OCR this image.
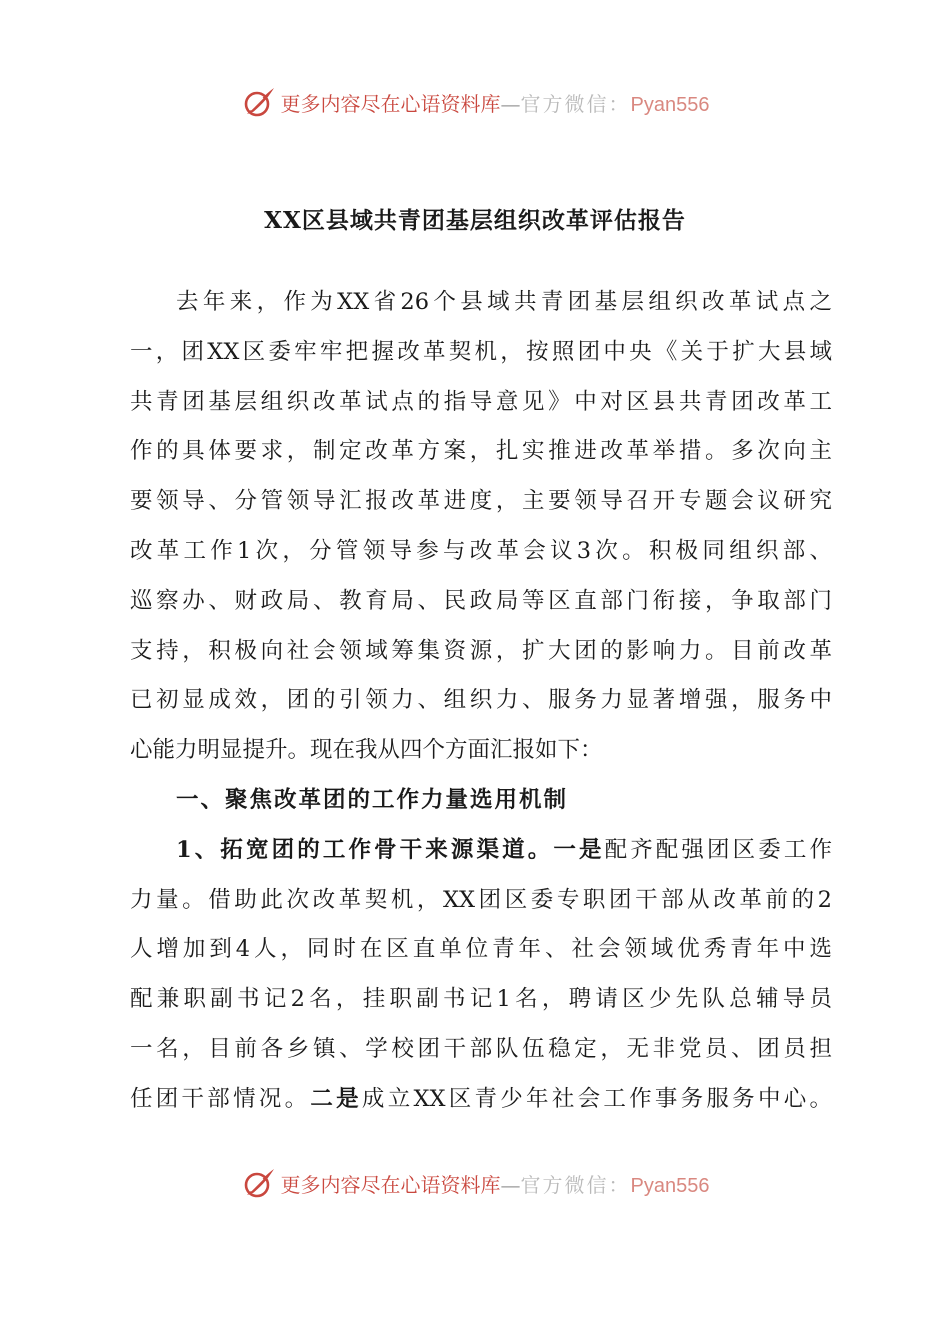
更多内容尽在心语资料库—官方微信：Pyan556
XX区县域共青团基层组织改革评估报告
去年来，作为XX省26个县域共青团基层组织改革试点之
一，团XX区委牢牢把握改革契机，按照团中央《关于扩大县域
共青团基层组织改革试点的指导意见》中对区县共青团改革工
作的具体要求，制定改革方案，扎实推进改革举措。多次向主
要领导、分管领导汇报改革进度，主要领导召开专题会议研究
改革工作1次，分管领导参与改革会议3次。积极同组织部、
巡察办、财政局、教育局、民政局等区直部门衔接，争取部门
支持，积极向社会领域筹集资源，扩大团的影响力。目前改革
已初显成效，团的引领力、组织力、服务力显著增强，服务中
心能力明显提升。现在我从四个方面汇报如下：
一、聚焦改革团的工作力量选用机制
1、拓宽团的工作骨干来源渠道。一是配齐配强团区委工作
力量。借助此次改革契机，XX团区委专职团干部从改革前的2
人增加到4人，同时在区直单位青年、社会领域优秀青年中选
配兼职副书记2名，挂职副书记1名，聘请区少先队总辅导员
一名，目前各乡镇、学校团干部队伍稳定，无非党员、团员担
任团干部情况。二是成立XX区青少年社会工作事务服务中心。
更多内容尽在心语资料库—官方微信：Pyan556
